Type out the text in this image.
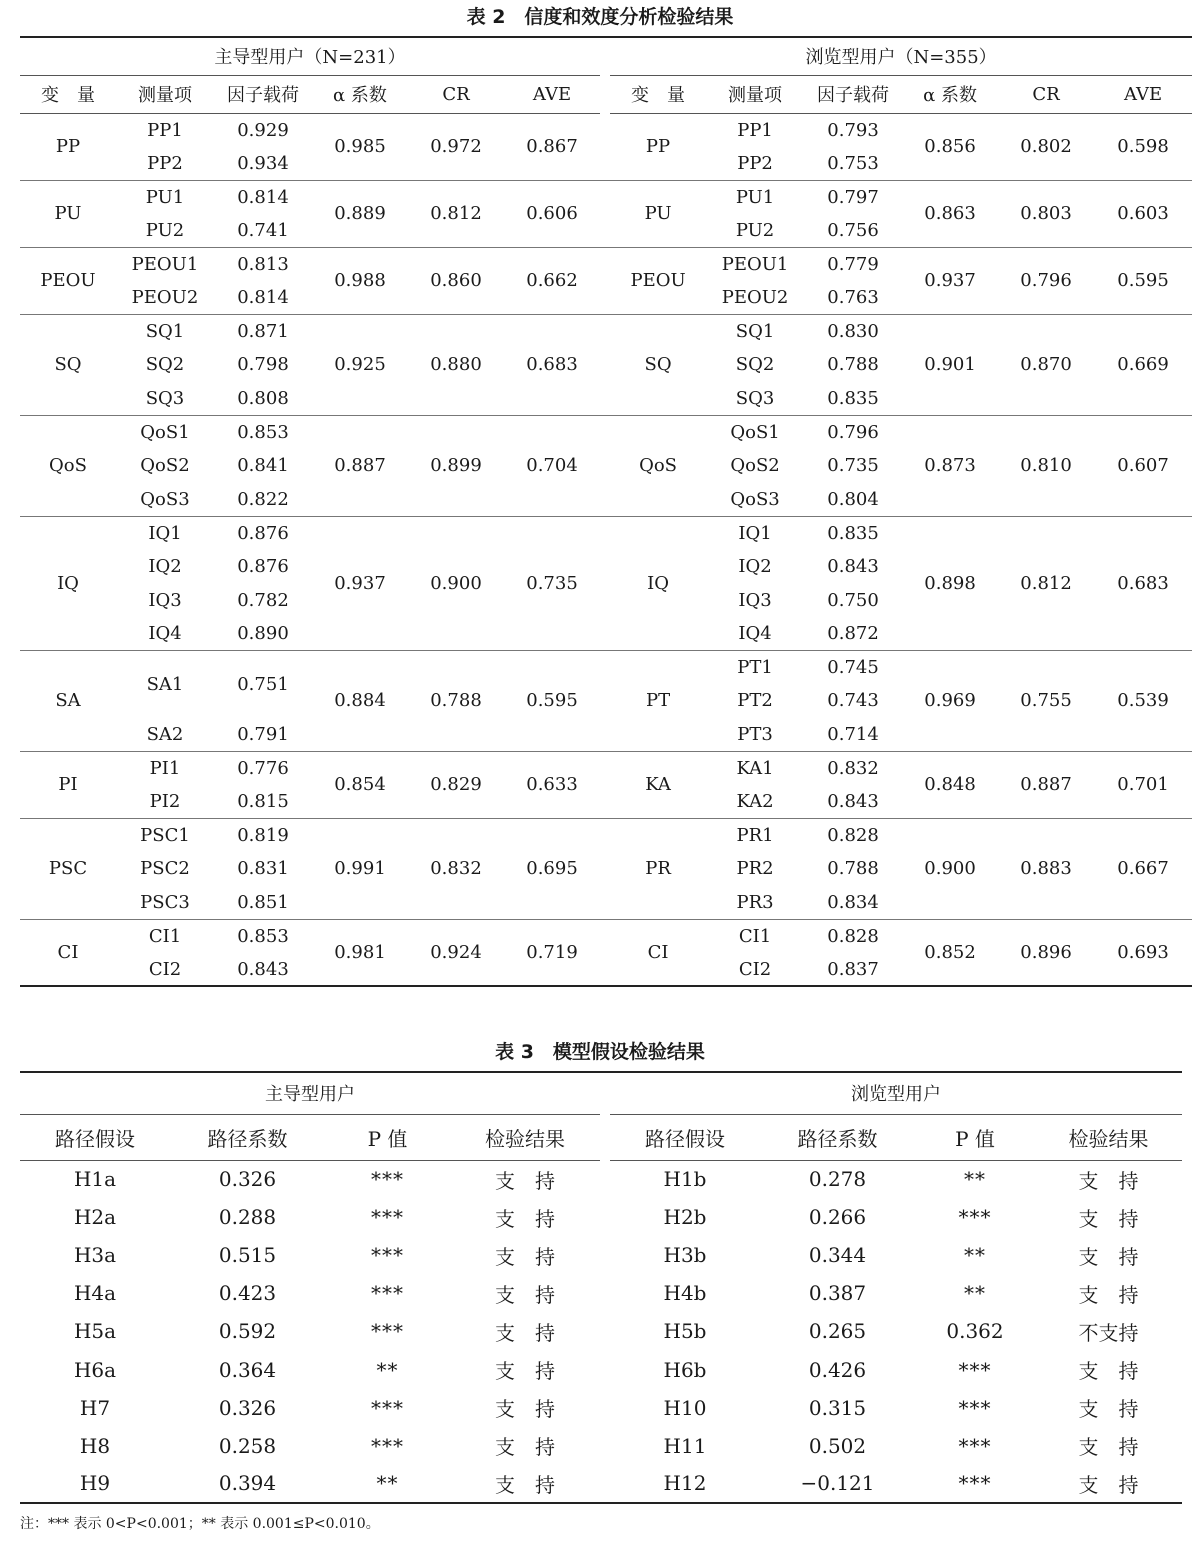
表 2　信度和效度分析检验结果
主导型用户（N=231）							浏览型用户（N=355）					
变　量	测量项	因子载荷	α 系数	CR	AVE		变　量	测量项	因子载荷	α 系数	CR	AVE
PP	PP1	0.929	0.985	0.972	0.867		PP	PP1	0.793	0.856	0.802	0.598
	PP2	0.934						PP2	0.753			
PU	PU1	0.814	0.889	0.812	0.606		PU	PU1	0.797	0.863	0.803	0.603
	PU2	0.741						PU2	0.756			
PEOU	PEOU1	0.813	0.988	0.860	0.662		PEOU	PEOU1	0.779	0.937	0.796	0.595
	PEOU2	0.814						PEOU2	0.763			
SQ	SQ1	0.871	0.925	0.880	0.683		SQ	SQ1	0.830	0.901	0.870	0.669
	SQ2	0.798						SQ2	0.788			
	SQ3	0.808						SQ3	0.835			
QoS	QoS1	0.853	0.887	0.899	0.704		QoS	QoS1	0.796	0.873	0.810	0.607
	QoS2	0.841						QoS2	0.735			
	QoS3	0.822						QoS3	0.804			
IQ	IQ1	0.876	0.937	0.900	0.735		IQ	IQ1	0.835	0.898	0.812	0.683
	IQ2	0.876						IQ2	0.843			
	IQ3	0.782						IQ3	0.750			
	IQ4	0.890						IQ4	0.872			
SA	SA1	0.751	0.884	0.788	0.595		PT	PT1	0.745	0.969	0.755	0.539
								PT2	0.743			
	SA2	0.791						PT3	0.714			
PI	PI1	0.776	0.854	0.829	0.633		KA	KA1	0.832	0.848	0.887	0.701
	PI2	0.815						KA2	0.843			
PSC	PSC1	0.819	0.991	0.832	0.695		PR	PR1	0.828	0.900	0.883	0.667
	PSC2	0.831						PR2	0.788			
	PSC3	0.851						PR3	0.834			
CI	CI1	0.853	0.981	0.924	0.719		CI	CI1	0.828	0.852	0.896	0.693
	CI2	0.843						CI2	0.837			
表 3　模型假设检验结果
主导型用户					浏览型用户			
路径假设	路径系数	P 值	检验结果		路径假设	路径系数	P 值	检验结果
H1a	0.326	***	支　持		H1b	0.278	**	支　持
H2a	0.288	***	支　持		H2b	0.266	***	支　持
H3a	0.515	***	支　持		H3b	0.344	**	支　持
H4a	0.423	***	支　持		H4b	0.387	**	支　持
H5a	0.592	***	支　持		H5b	0.265	0.362	不支持
H6a	0.364	**	支　持		H6b	0.426	***	支　持
H7	0.326	***	支　持		H10	0.315	***	支　持
H8	0.258	***	支　持		H11	0.502	***	支　持
H9	0.394	**	支　持		H12	−0.121	***	支　持
注：*** 表示 0<P<0.001；** 表示 0.001≤P<0.010。
